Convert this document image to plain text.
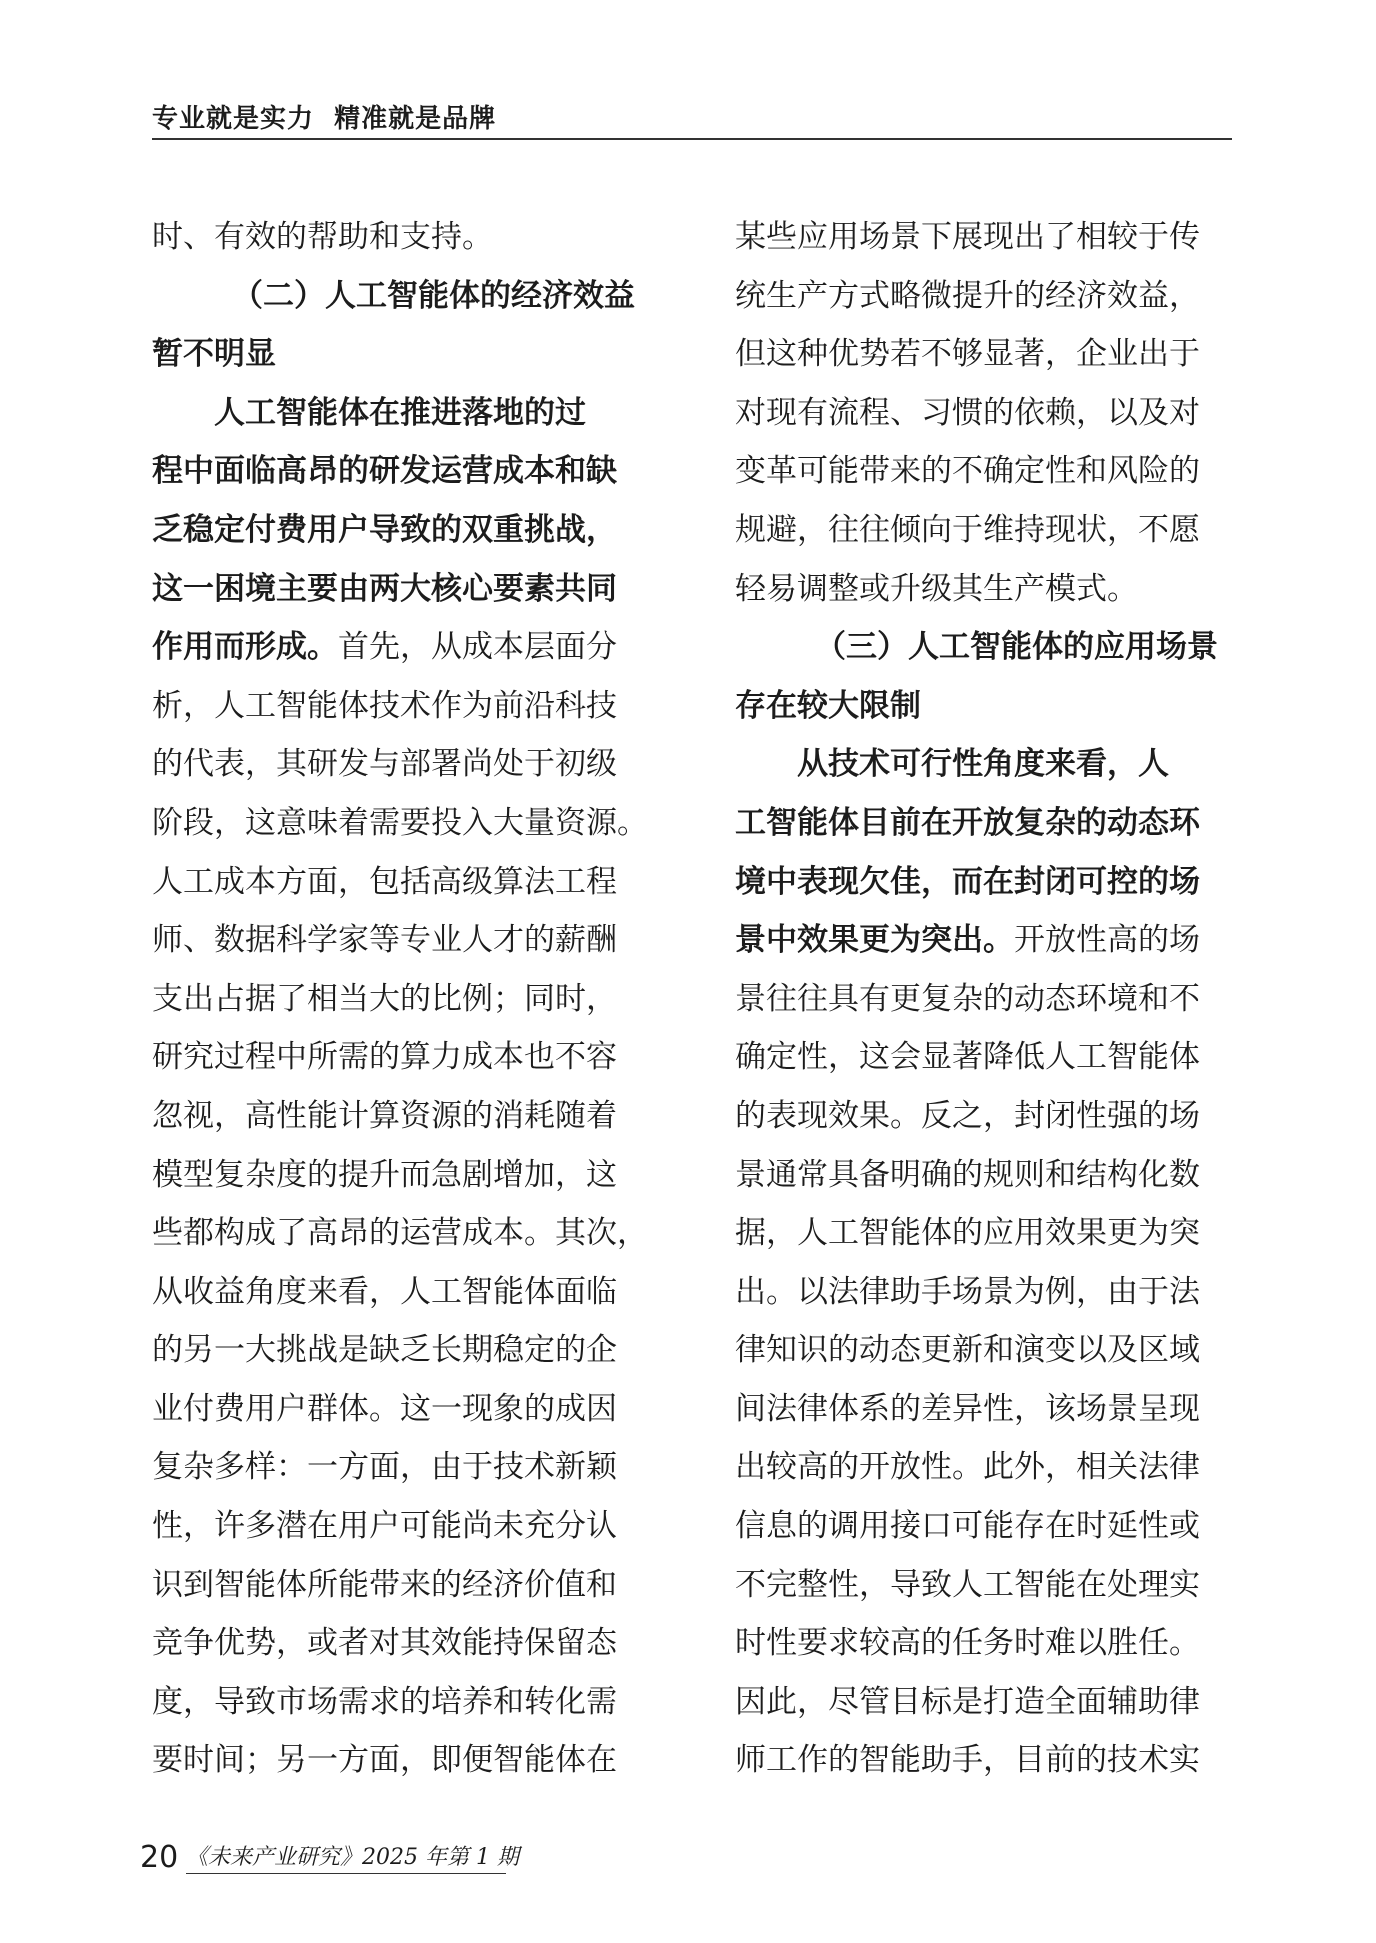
专业就是实力  精准就是品牌
时、有效的帮助和支持。
（二）人工智能体的经济效益
暂不明显
人工智能体在推进落地的过
程中面临高昂的研发运营成本和缺
乏稳定付费用户导致的双重挑战，
这一困境主要由两大核心要素共同
作用而形成。首先，从成本层面分
析，人工智能体技术作为前沿科技
的代表，其研发与部署尚处于初级
阶段，这意味着需要投入大量资源。
人工成本方面，包括高级算法工程
师、数据科学家等专业人才的薪酬
支出占据了相当大的比例；同时，
研究过程中所需的算力成本也不容
忽视，高性能计算资源的消耗随着
模型复杂度的提升而急剧增加，这
些都构成了高昂的运营成本。其次，
从收益角度来看，人工智能体面临
的另一大挑战是缺乏长期稳定的企
业付费用户群体。这一现象的成因
复杂多样：一方面，由于技术新颖
性，许多潜在用户可能尚未充分认
识到智能体所能带来的经济价值和
竞争优势，或者对其效能持保留态
度，导致市场需求的培养和转化需
要时间；另一方面，即便智能体在
某些应用场景下展现出了相较于传
统生产方式略微提升的经济效益，
但这种优势若不够显著，企业出于
对现有流程、习惯的依赖，以及对
变革可能带来的不确定性和风险的
规避，往往倾向于维持现状，不愿
轻易调整或升级其生产模式。
（三）人工智能体的应用场景
存在较大限制
从技术可行性角度来看，人
工智能体目前在开放复杂的动态环
境中表现欠佳，而在封闭可控的场
景中效果更为突出。开放性高的场
景往往具有更复杂的动态环境和不
确定性，这会显著降低人工智能体
的表现效果。反之，封闭性强的场
景通常具备明确的规则和结构化数
据，人工智能体的应用效果更为突
出。以法律助手场景为例，由于法
律知识的动态更新和演变以及区域
间法律体系的差异性，该场景呈现
出较高的开放性。此外，相关法律
信息的调用接口可能存在时延性或
不完整性，导致人工智能在处理实
时性要求较高的任务时难以胜任。
因此，尽管目标是打造全面辅助律
师工作的智能助手，目前的技术实
20 《未来产业研究》2025 年第 1 期
